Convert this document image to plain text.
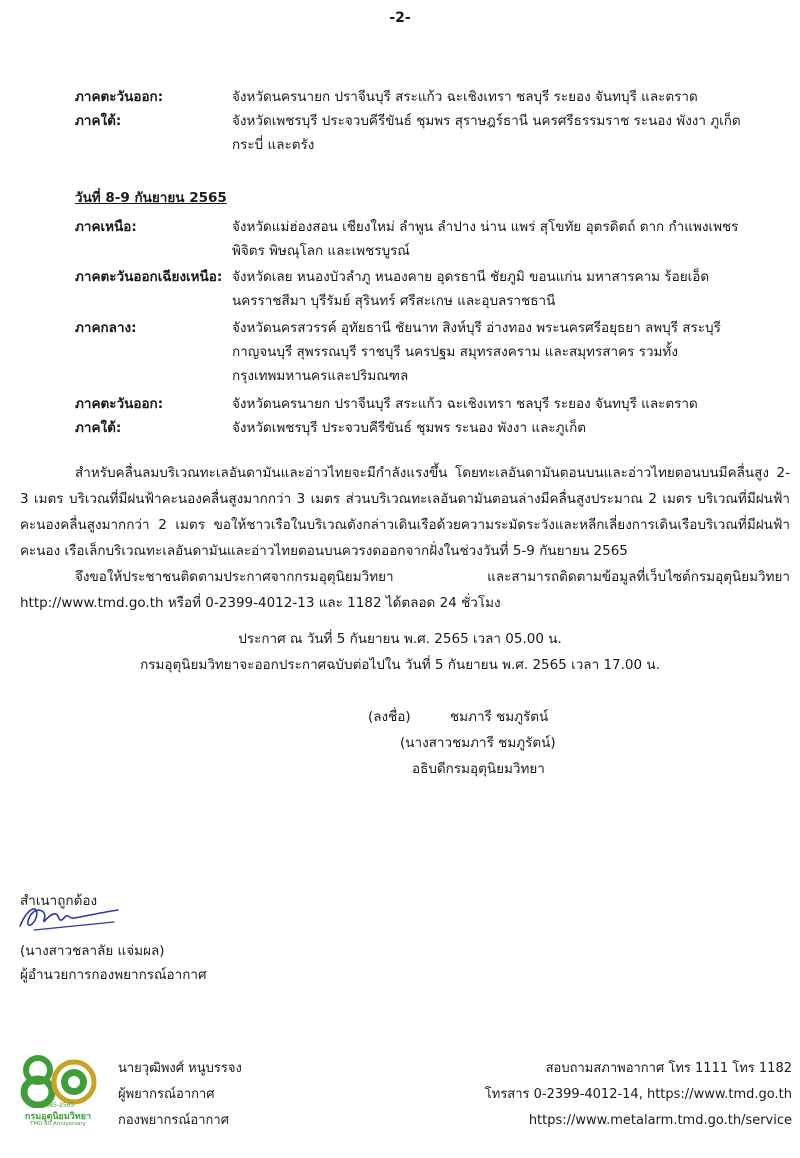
-2-
ภาคตะวันออก:	จังหวัดนครนายก ปราจีนบุรี สระแก้ว ฉะเชิงเทรา ชลบุรี ระยอง จันทบุรี และตราด
ภาคใต้:	จังหวัดเพชรบุรี ประจวบคีรีขันธ์ ชุมพร สุราษฎร์ธานี นครศรีธรรมราช ระนอง พังงา ภูเก็ต กระบี่ และตรัง
วันที่ 8-9 กันยายน 2565
ภาคเหนือ:	จังหวัดแม่ฮ่องสอน เชียงใหม่ ลำพูน ลำปาง น่าน แพร่ สุโขทัย อุตรดิตถ์ ตาก กำแพงเพชร พิจิตร พิษณุโลก และเพชรบูรณ์
ภาคตะวันออกเฉียงเหนือ: จังหวัดเลย หนองบัวลำภู หนองคาย อุดรธานี ชัยภูมิ ขอนแก่น มหาสารคาม ร้อยเอ็ด นครราชสีมา บุรีรัมย์ สุรินทร์ ศรีสะเกษ และอุบลราชธานี
ภาคกลาง:	จังหวัดนครสวรรค์ อุทัยธานี ชัยนาท สิงห์บุรี อ่างทอง พระนครศรีอยุธยา ลพบุรี สระบุรี กาญจนบุรี สุพรรณบุรี ราชบุรี นครปฐม สมุทรสงคราม และสมุทรสาคร รวมทั้งกรุงเทพมหานครและปริมณฑล
ภาคตะวันออก:	จังหวัดนครนายก ปราจีนบุรี สระแก้ว ฉะเชิงเทรา ชลบุรี ระยอง จันทบุรี และตราด
ภาคใต้:	จังหวัดเพชรบุรี ประจวบคีรีขันธ์ ชุมพร ระนอง พังงา และภูเก็ต
สำหรับคลื่นลมบริเวณทะเลอันดามันและอ่าวไทยจะมีกำลังแรงขึ้น โดยทะเลอันดามันตอนบนและอ่าวไทยตอนบนมีคลื่นสูง 2-3 เมตร บริเวณที่มีฝนฟ้าคะนองคลื่นสูงมากกว่า 3 เมตร ส่วนบริเวณทะเลอันดามันตอนล่างมีคลื่นสูงประมาณ 2 เมตร บริเวณที่มีฝนฟ้าคะนองคลื่นสูงมากกว่า 2 เมตร ขอให้ชาวเรือในบริเวณดังกล่าวเดินเรือด้วยความระมัดระวังและหลีกเลี่ยงการเดินเรือบริเวณที่มีฝนฟ้าคะนอง เรือเล็กบริเวณทะเลอันดามันและอ่าวไทยตอนบนควรงดออกจากฝั่งในช่วงวันที่ 5-9 กันยายน 2565
จึงขอให้ประชาชนติดตามประกาศจากกรมอุตุนิยมวิทยา และสามารถติดตามข้อมูลที่เว็บไซต์กรมอุตุนิยมวิทยา http://www.tmd.go.th หรือที่ 0-2399-4012-13 และ 1182 ได้ตลอด 24 ชั่วโมง
ประกาศ ณ วันที่ 5 กันยายน พ.ศ. 2565 เวลา 05.00 น.
กรมอุตุนิยมวิทยาจะออกประกาศฉบับต่อไปใน วันที่ 5 กันยายน พ.ศ. 2565 เวลา 17.00 น.
(ลงชื่อ)	ชมภารี ชมภูรัตน์
(นางสาวชมภารี ชมภูรัตน์)
อธิบดีกรมอุตุนิยมวิทยา
สำเนาถูกต้อง
(นางสาวชลาลัย แจ่มผล)
ผู้อำนวยการกองพยากรณ์อากาศ
2485-2565
กรมอุตุนิยมวิทยา
TMD 80 Anniversary
นายวุฒิพงศ์ หนูบรรจง
ผู้พยากรณ์อากาศ
กองพยากรณ์อากาศ
สอบถามสภาพอากาศ โทร 1111 โทร 1182
โทรสาร 0-2399-4012-14, https://www.tmd.go.th
https://www.metalarm.tmd.go.th/service
